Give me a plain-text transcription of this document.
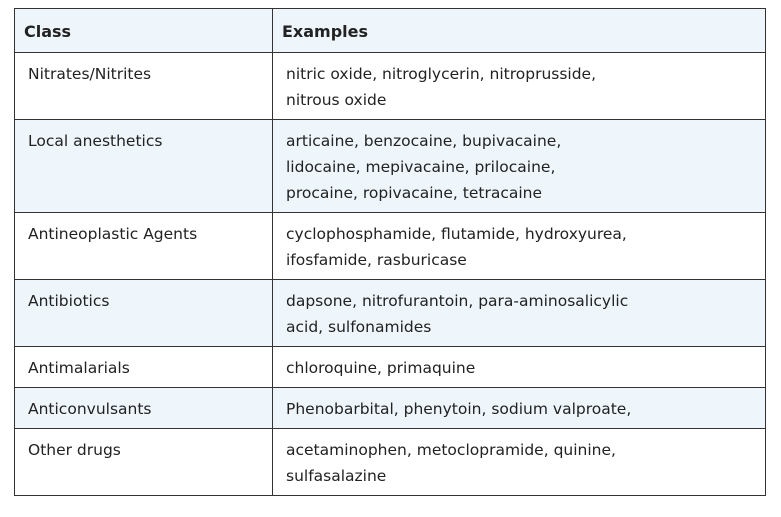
Class	Examples
Nitrates/Nitrites	nitric oxide, nitroglycerin, nitroprusside,
nitrous oxide

Local anesthetics	articaine, benzocaine, bupivacaine,
lidocaine, mepivacaine, prilocaine,
procaine, ropivacaine, tetracaine

Antineoplastic Agents	cyclophosphamide, flutamide, hydroxyurea,
ifosfamide, rasburicase

Antibiotics	dapsone, nitrofurantoin, para-aminosalicylic
acid, sulfonamides

Antimalarials	chloroquine, primaquine

Anticonvulsants	Phenobarbital, phenytoin, sodium valproate,

Other drugs	acetaminophen, metoclopramide, quinine,
sulfasalazine
